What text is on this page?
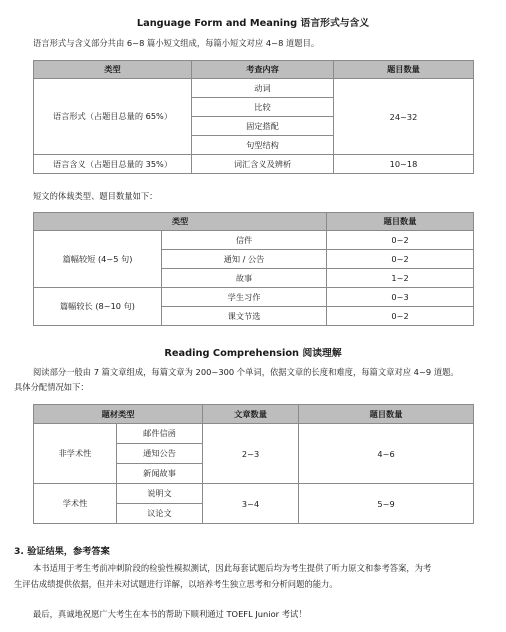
Language Form and Meaning 语言形式与含义
语言形式与含义部分共由 6~8 篇小短文组成，每篇小短文对应 4~8 道题目。
类型	考查内容	题目数量
语言形式（占题目总量的 65%）	动词	24~32
	比较	
	固定搭配	
	句型结构	
语言含义（占题目总量的 35%）	词汇含义及辨析	10~18
短文的体裁类型、题目数量如下：
类型		题目数量
篇幅较短 (4~5 句)	信件	0~2
	通知 / 公告	0~2
	故事	1~2
篇幅较长 (8~10 句)	学生习作	0~3
	课文节选	0~2
Reading Comprehension 阅读理解
阅读部分一般由 7 篇文章组成，每篇文章为 200~300 个单词，依据文章的长度和难度，每篇文章对应 4~9 道题。
具体分配情况如下：
题材类型		文章数量	题目数量
非学术性	邮件信函	2~3	4~6
	通知公告		
	新闻故事		
学术性	说明文	3~4	5~9
	议论文		
3. 验证结果，参考答案
本书适用于考生考前冲刺阶段的检验性模拟测试，因此每套试题后均为考生提供了听力原文和参考答案，为考
生评估成绩提供依据，但并未对试题进行详解，以培养考生独立思考和分析问题的能力。
最后，真诚地祝愿广大考生在本书的帮助下顺利通过 TOEFL Junior 考试！
